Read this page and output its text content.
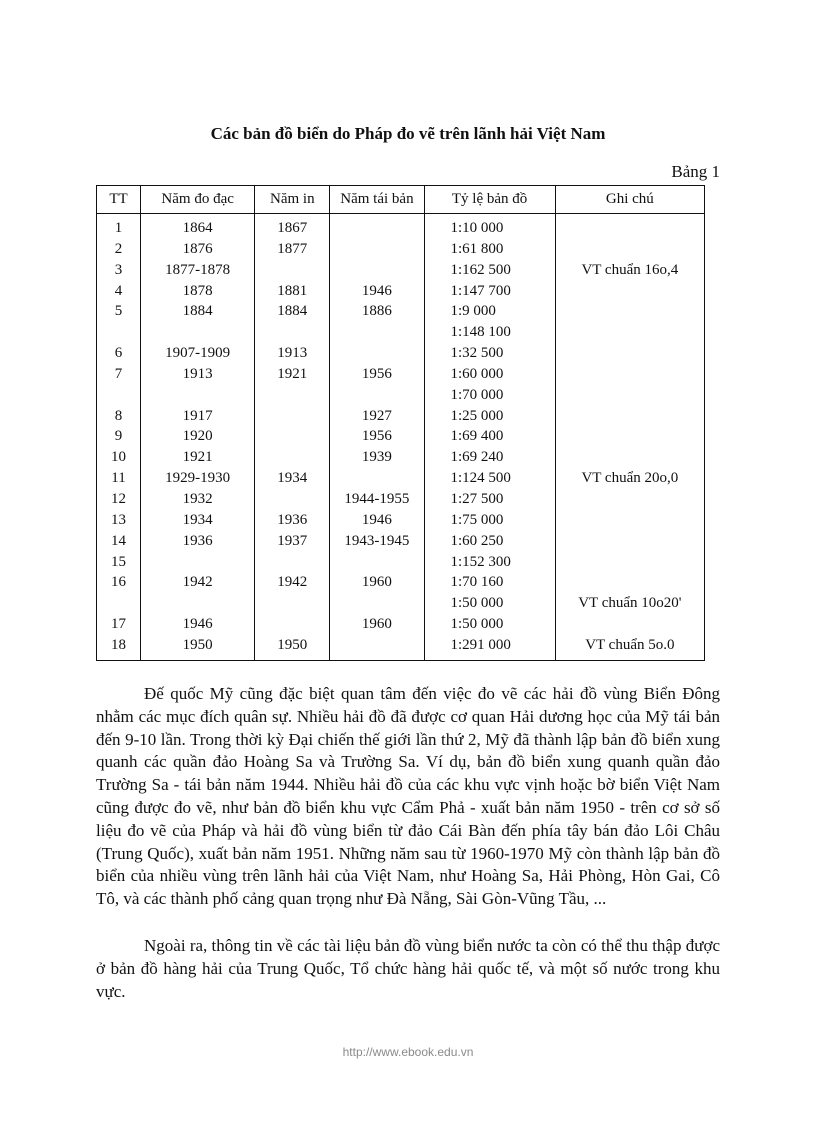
Các bản đồ biển do Pháp đo vẽ trên lãnh hải Việt Nam
Bảng 1
TT	Năm đo đạc	Năm in	Năm tái bản	Tỷ lệ bản đồ	Ghi chú
1	1864	1867		1:10 000	
2	1876	1877		1:61 800	
3	1877-1878			1:162 500	VT chuẩn 16o,4
4	1878	1881	1946	1:147 700	
5	1884	1884	1886	1:9 000	
				1:148 100	
6	1907-1909	1913		1:32 500	
7	1913	1921	1956	1:60 000	
				1:70 000	
8	1917		1927	1:25 000	
9	1920		1956	1:69 400	
10	1921		1939	1:69 240	
11	1929-1930	1934		1:124 500	VT chuẩn 20o,0
12	1932		1944-1955	1:27 500	
13	1934	1936	1946	1:75 000	
14	1936	1937	1943-1945	1:60 250	
15				1:152 300	
16	1942	1942	1960	1:70 160	
				1:50 000	VT chuẩn 10o20'
17	1946		1960	1:50 000	
18	1950	1950		1:291 000	VT chuẩn 5o.0

Đế quốc Mỹ cũng đặc biệt quan tâm đến việc đo vẽ các hải đồ vùng Biển Đông nhằm các mục đích quân sự. Nhiều hải đồ đã được cơ quan Hải dương học của Mỹ tái bản đến 9-10 lần. Trong thời kỳ Đại chiến thế giới lần thứ 2, Mỹ đã thành lập bản đồ biển xung quanh các quần đảo Hoàng Sa và Trường Sa. Ví dụ, bản đồ biển xung quanh quần đảo Trường Sa - tái bản năm 1944. Nhiều hải đồ của các khu vực vịnh hoặc bờ biển Việt Nam cũng được đo vẽ, như bản đồ biển khu vực Cẩm Phả - xuất bản năm 1950 - trên cơ sở số liệu đo vẽ của Pháp và hải đồ vùng biển từ đảo Cái Bàn đến phía tây bán đảo Lôi Châu (Trung Quốc), xuất bản năm 1951. Những năm sau từ 1960-1970 Mỹ còn thành lập bản đồ biển của nhiều vùng trên lãnh hải của Việt Nam, như Hoàng Sa, Hải Phòng, Hòn Gai, Cô Tô, và các thành phố cảng quan trọng như Đà Nẵng, Sài Gòn-Vũng Tầu, ...

Ngoài ra, thông tin về các tài liệu bản đồ vùng biển nước ta còn có thể thu thập được ở bản đồ hàng hải của Trung Quốc, Tổ chức hàng hải quốc tế, và một số nước trong khu vực.

http://www.ebook.edu.vn
